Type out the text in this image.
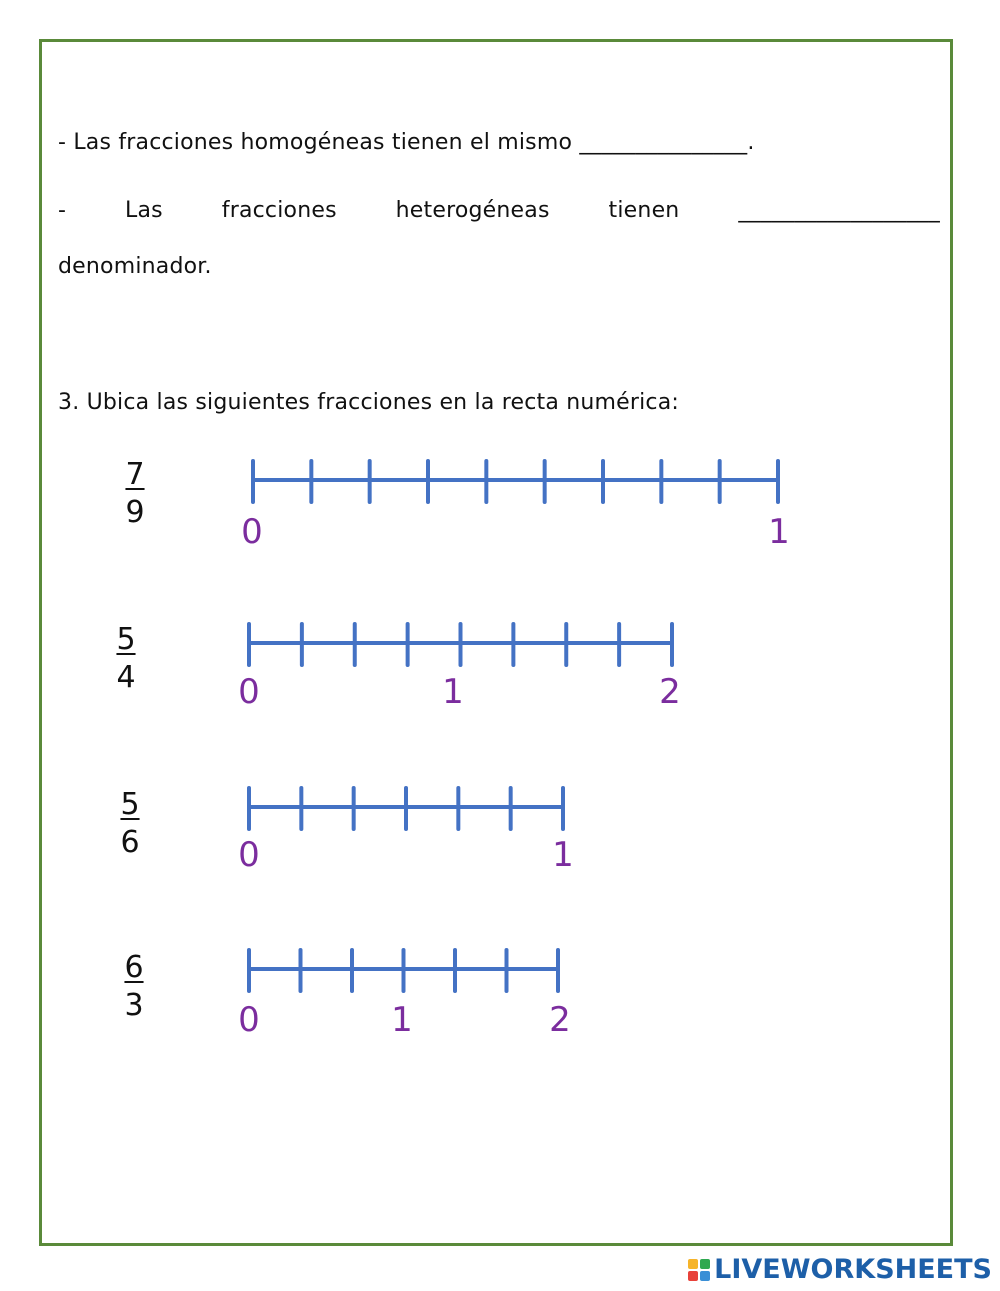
- Las fracciones homogéneas tienen el mismo _______________.
-	Las	fracciones	heterogéneas	tienen	__________________
denominador.
3. Ubica las siguientes fracciones en la recta numérica:
$\frac{7}{9}$
$\frac{5}{4}$
$\frac{5}{6}$
$\frac{6}{3}$
0	1
0	1	2
0	1
0	1	2
LIVEWORKSHEETS
